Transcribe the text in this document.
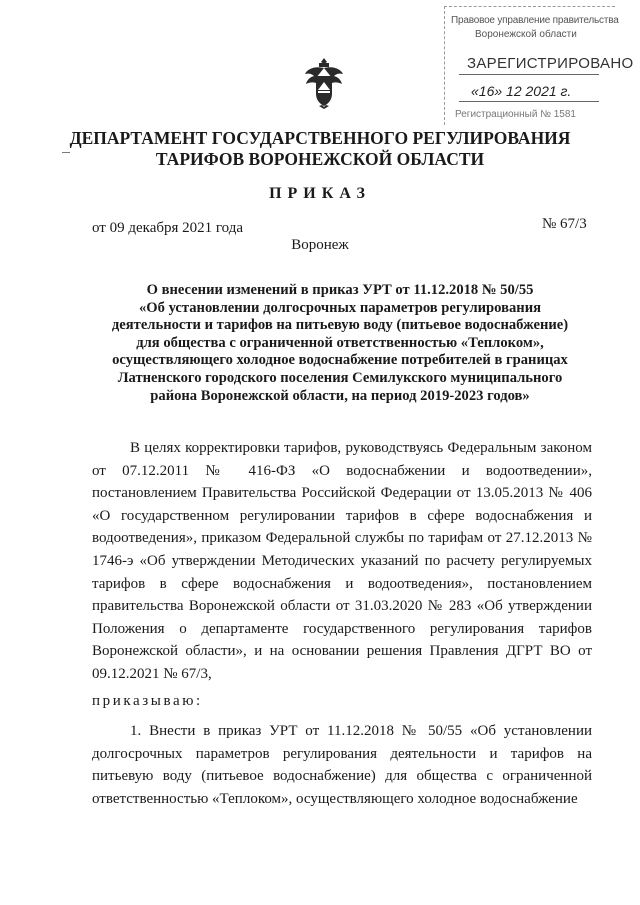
Правовое управление правительства
Воронежской области
ЗАРЕГИСТРИРОВАНО
«16» 12 2021 г.
Регистрационный № 1581
ДЕПАРТАМЕНТ ГОСУДАРСТВЕННОГО РЕГУЛИРОВАНИЯ
ТАРИФОВ ВОРОНЕЖСКОЙ ОБЛАСТИ
ПРИКАЗ
от 09 декабря 2021 года	№ 67/3
Воронеж
О внесении изменений в приказ УРТ от 11.12.2018 № 50/55
«Об установлении долгосрочных параметров регулирования
деятельности и тарифов на питьевую воду (питьевое водоснабжение)
для общества с ограниченной ответственностью «Теплоком»,
осуществляющего холодное водоснабжение потребителей в границах
Латненского городского поселения Семилукского муниципального
района Воронежской области, на период 2019-2023 годов»

В целях корректировки тарифов, руководствуясь Федеральным законом от 07.12.2011 № 416-ФЗ «О водоснабжении и водоотведении», постановлением Правительства Российской Федерации от 13.05.2013 № 406 «О государственном регулировании тарифов в сфере водоснабжения и водоотведения», приказом Федеральной службы по тарифам от 27.12.2013 № 1746-э «Об утверждении Методических указаний по расчету регулируемых тарифов в сфере водоснабжения и водоотведения», постановлением правительства Воронежской области от 31.03.2020 № 283 «Об утверждении Положения о департаменте государственного регулирования тарифов Воронежской области», и на основании решения Правления ДГРТ ВО от 09.12.2021 № 67/3,

приказываю:

1. Внести в приказ УРТ от 11.12.2018 № 50/55 «Об установлении долгосрочных параметров регулирования деятельности и тарифов на питьевую воду (питьевое водоснабжение) для общества с ограниченной ответственностью «Теплоком», осуществляющего холодное водоснабжение
